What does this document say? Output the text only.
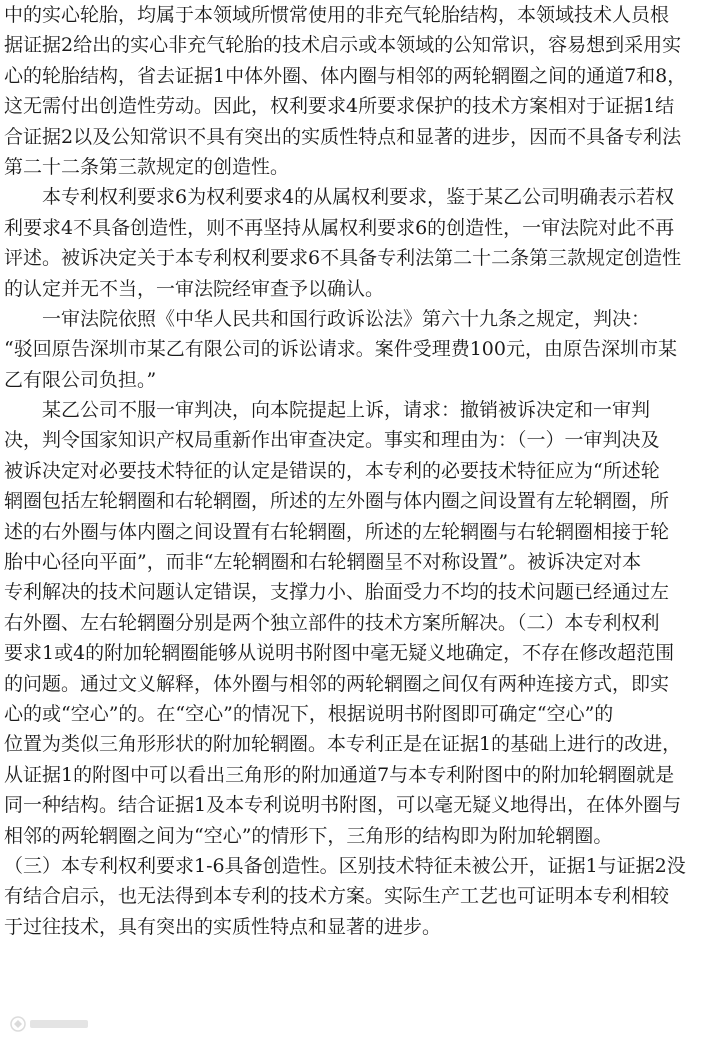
中的实心轮胎，均属于本领域所惯常使用的非充气轮胎结构，本领域技术人员根
据证据2给出的实心非充气轮胎的技术启示或本领域的公知常识，容易想到采用实
心的轮胎结构，省去证据1中体外圈、体内圈与相邻的两轮辋圈之间的通道7和8，
这无需付出创造性劳动。因此，权利要求4所要求保护的技术方案相对于证据1结
合证据2以及公知常识不具有突出的实质性特点和显著的进步，因而不具备专利法
第二十二条第三款规定的创造性。
　　本专利权利要求6为权利要求4的从属权利要求，鉴于某乙公司明确表示若权
利要求4不具备创造性，则不再坚持从属权利要求6的创造性，一审法院对此不再
评述。被诉决定关于本专利权利要求6不具备专利法第二十二条第三款规定创造性
的认定并无不当，一审法院经审查予以确认。
　　一审法院依照《中华人民共和国行政诉讼法》第六十九条之规定，判决：
“驳回原告深圳市某乙有限公司的诉讼请求。案件受理费100元，由原告深圳市某
乙有限公司负担。”
　　某乙公司不服一审判决，向本院提起上诉，请求：撤销被诉决定和一审判
决，判令国家知识产权局重新作出审查决定。事实和理由为：（一）一审判决及
被诉决定对必要技术特征的认定是错误的，本专利的必要技术特征应为“所述轮
辋圈包括左轮辋圈和右轮辋圈，所述的左外圈与体内圈之间设置有左轮辋圈，所
述的右外圈与体内圈之间设置有右轮辋圈，所述的左轮辋圈与右轮辋圈相接于轮
胎中心径向平面”，而非“左轮辋圈和右轮辋圈呈不对称设置”。被诉决定对本
专利解决的技术问题认定错误，支撑力小、胎面受力不均的技术问题已经通过左
右外圈、左右轮辋圈分别是两个独立部件的技术方案所解决。（二）本专利权利
要求1或4的附加轮辋圈能够从说明书附图中毫无疑义地确定，不存在修改超范围
的问题。通过文义解释，体外圈与相邻的两轮辋圈之间仅有两种连接方式，即实
心的或“空心”的。在“空心”的情况下，根据说明书附图即可确定“空心”的
位置为类似三角形形状的附加轮辋圈。本专利正是在证据1的基础上进行的改进，
从证据1的附图中可以看出三角形的附加通道7与本专利附图中的附加轮辋圈就是
同一种结构。结合证据1及本专利说明书附图，可以毫无疑义地得出，在体外圈与
相邻的两轮辋圈之间为“空心”的情形下，三角形的结构即为附加轮辋圈。
（三）本专利权利要求1-6具备创造性。区别技术特征未被公开，证据1与证据2没
有结合启示，也无法得到本专利的技术方案。实际生产工艺也可证明本专利相较
于过往技术，具有突出的实质性特点和显著的进步。
